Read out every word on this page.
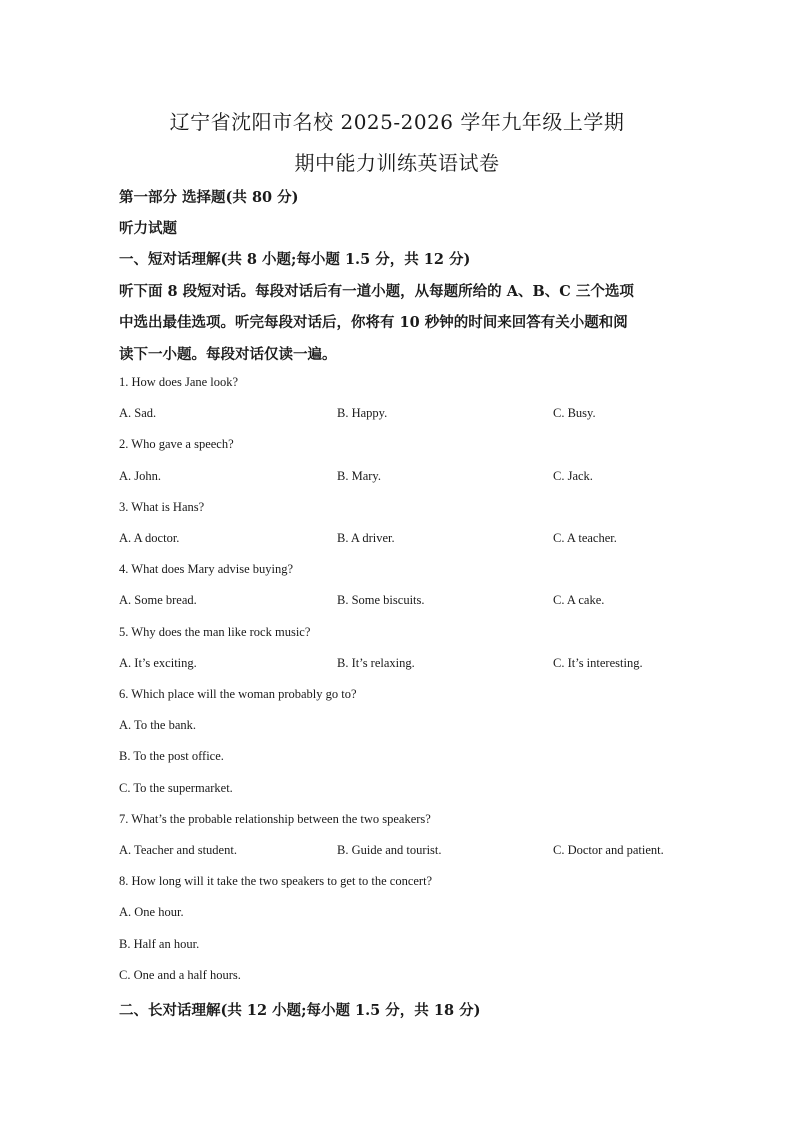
辽宁省沈阳市名校 2025-2026 学年九年级上学期
期中能力训练英语试卷
第一部分 选择题(共 80 分)
听力试题
一、短对话理解(共 8 小题;每小题 1.5 分，共 12 分)
听下面 8 段短对话。每段对话后有一道小题，从每题所给的 A、B、C 三个选项
中选出最佳选项。听完每段对话后，你将有 10 秒钟的时间来回答有关小题和阅
读下一小题。每段对话仅读一遍。
1. How does Jane look?
A. Sad.	B. Happy.	C. Busy.
2. Who gave a speech?
A. John.	B. Mary.	C. Jack.
3. What is Hans?
A. A doctor.	B. A driver.	C. A teacher.
4. What does Mary advise buying?
A. Some bread.	B. Some biscuits.	C. A cake.
5. Why does the man like rock music?
A. It’s exciting.	B. It’s relaxing.	C. It’s interesting.
6. Which place will the woman probably go to?
A. To the bank.
B. To the post office.
C. To the supermarket.
7. What’s the probable relationship between the two speakers?
A. Teacher and student.	B. Guide and tourist.	C. Doctor and patient.
8. How long will it take the two speakers to get to the concert?
A. One hour.
B. Half an hour.
C. One and a half hours.
二、长对话理解(共 12 小题;每小题 1.5 分，共 18 分)
